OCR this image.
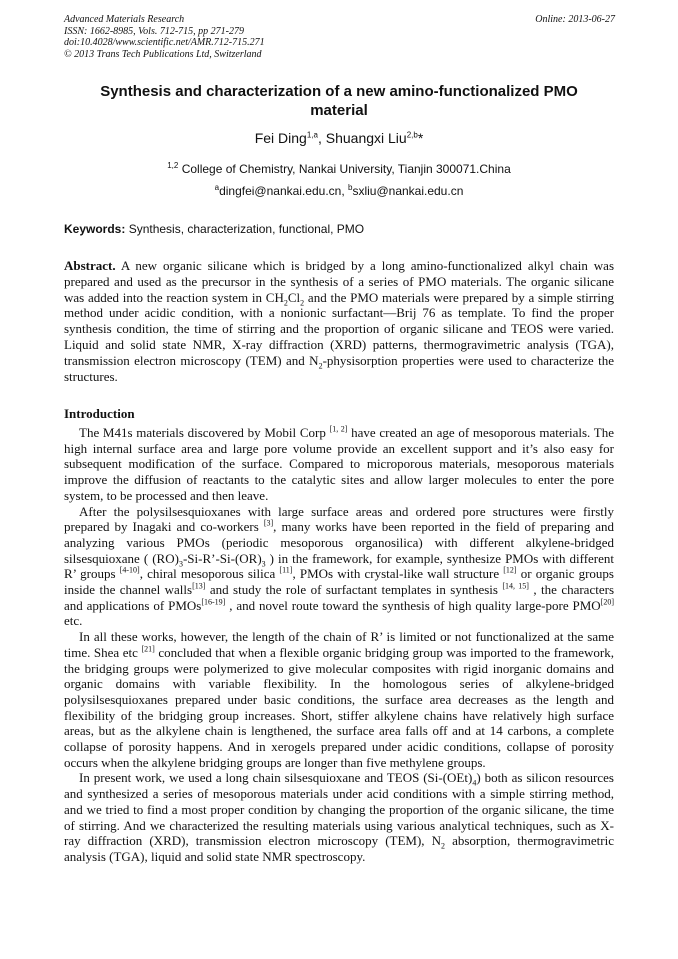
Advanced Materials Research
ISSN: 1662-8985, Vols. 712-715, pp 271-279
doi:10.4028/www.scientific.net/AMR.712-715.271
© 2013 Trans Tech Publications Ltd, Switzerland
Online: 2013-06-27
Synthesis and characterization of a new amino-functionalized PMO
material
Fei Ding$^{1,a}$, Shuangxi Liu$^{2,b}$*
$^{1,2}$ College of Chemistry, Nankai University, Tianjin 300071.China
$^a$dingfei@nankai.edu.cn, $^b$sxliu@nankai.edu.cn
Keywords: Synthesis, characterization, functional, PMO
Abstract. A new organic silicane which is bridged by a long amino-functionalized alkyl chain was prepared and used as the precursor in the synthesis of a series of PMO materials. The organic silicane was added into the reaction system in $CH_2Cl_2$ and the PMO materials were prepared by a simple stirring method under acidic condition, with a nonionic surfactant—Brij 76 as template. To find the proper synthesis condition, the time of stirring and the proportion of organic silicane and TEOS were varied. Liquid and solid state NMR, X-ray diffraction (XRD) patterns, thermogravimetric analysis (TGA), transmission electron microscopy (TEM) and $N_2$-physisorption properties were used to characterize the structures.
Introduction

The M41s materials discovered by Mobil Corp [1, 2] have created an age of mesoporous materials. The high internal surface area and large pore volume provide an excellent support and it’s also easy for subsequent modification of the surface. Compared to microporous materials, mesoporous materials improve the diffusion of reactants to the catalytic sites and allow larger molecules to enter the pore system, to be processed and then leave.

After the polysilsesquioxanes with large surface areas and ordered pore structures were firstly prepared by Inagaki and co-workers [3], many works have been reported in the field of preparing and analyzing various PMOs (periodic mesoporous organosilica) with different alkylene-bridged silsesquioxane ( $(RO)_3-Si-R’-Si-(OR)_3$ ) in the framework, for example, synthesize PMOs with different R’ groups [4-10], chiral mesoporous silica [11], PMOs with crystal-like wall structure [12] or organic groups inside the channel walls[13] and study the role of surfactant templates in synthesis [14, 15] , the characters and applications of PMOs[16-19] , and novel route toward the synthesis of high quality large-pore PMO[20] etc.

In all these works, however, the length of the chain of R’ is limited or not functionalized at the same time. Shea etc [21] concluded that when a flexible organic bridging group was imported to the framework, the bridging groups were polymerized to give molecular composites with rigid inorganic domains and organic domains with variable flexibility. In the homologous series of alkylene-bridged polysilsesquioxanes prepared under basic conditions, the surface area decreases as the length and flexibility of the bridging group increases. Short, stiffer alkylene chains have relatively high surface areas, but as the alkylene chain is lengthened, the surface area falls off and at 14 carbons, a complete collapse of porosity happens. And in xerogels prepared under acidic conditions, collapse of porosity occurs when the alkylene bridging groups are longer than five methylene groups.

In present work, we used a long chain silsesquioxane and TEOS $(Si-(OEt)_4)$ both as silicon resources and synthesized a series of mesoporous materials under acid conditions with a simple stirring method, and we tried to find a most proper condition by changing the proportion of the organic silicane, the time of stirring. And we characterized the resulting materials using various analytical techniques, such as X-ray diffraction (XRD), transmission electron microscopy (TEM), $N_2$ absorption, thermogravimetric analysis (TGA), liquid and solid state NMR spectroscopy.
